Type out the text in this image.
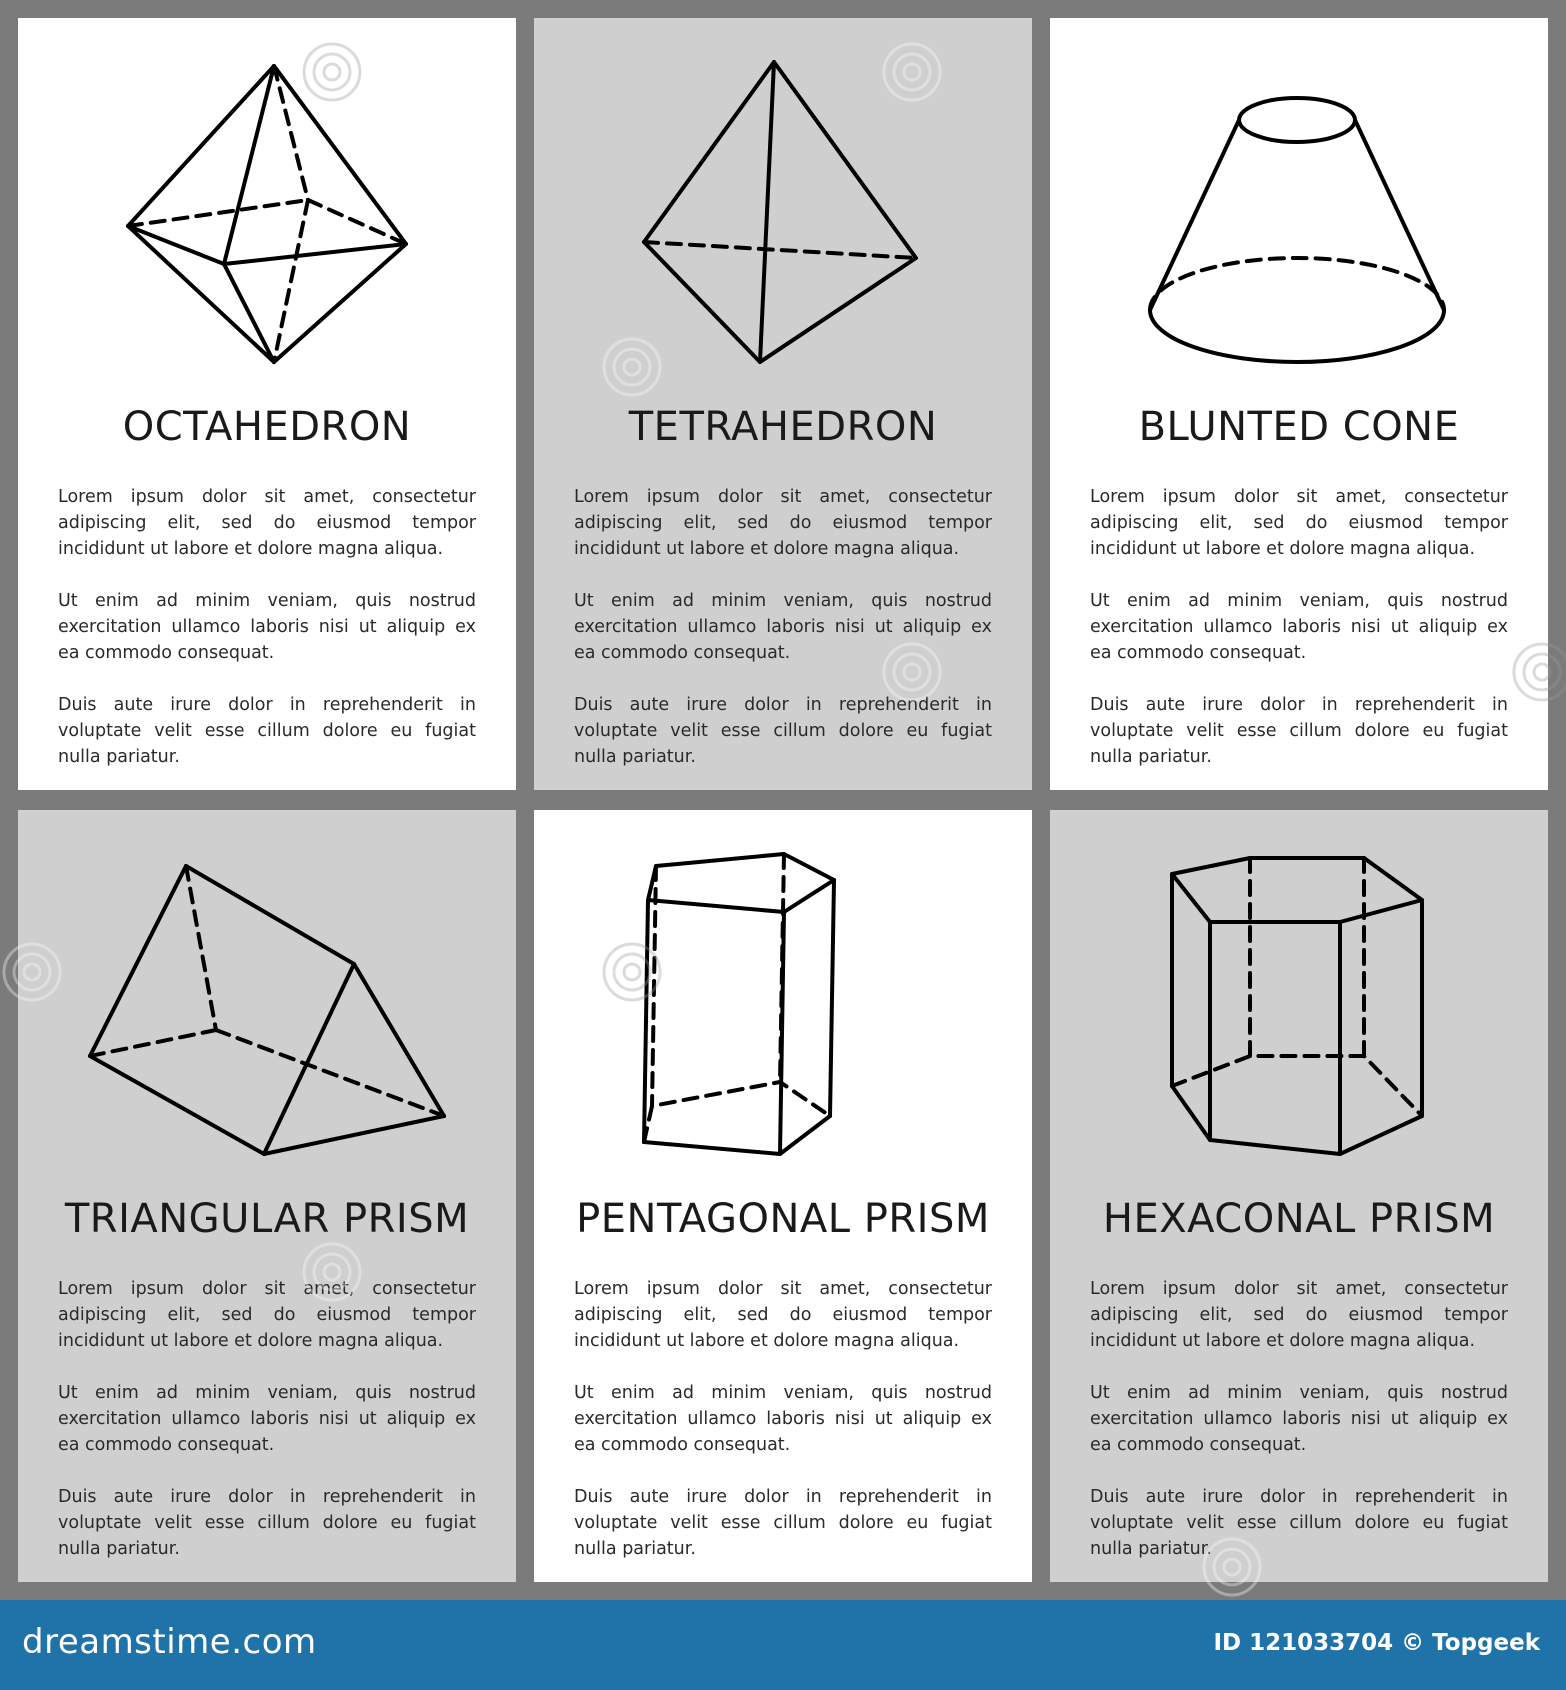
OCTAHEDRON

Lorem ipsum dolor sit amet, consectetur adipiscing elit, sed do eiusmod tempor incididunt ut labore et dolore magna aliqua.

Ut enim ad minim veniam, quis nostrud exercitation ullamco laboris nisi ut aliquip ex ea commodo consequat.

Duis aute irure dolor in reprehenderit in voluptate velit esse cillum dolore eu fugiat nulla pariatur.

TETRAHEDRON

Lorem ipsum dolor sit amet, consectetur adipiscing elit, sed do eiusmod tempor incididunt ut labore et dolore magna aliqua.

Ut enim ad minim veniam, quis nostrud exercitation ullamco laboris nisi ut aliquip ex ea commodo consequat.

Duis aute irure dolor in reprehenderit in voluptate velit esse cillum dolore eu fugiat nulla pariatur.

BLUNTED CONE

Lorem ipsum dolor sit amet, consectetur adipiscing elit, sed do eiusmod tempor incididunt ut labore et dolore magna aliqua.

Ut enim ad minim veniam, quis nostrud exercitation ullamco laboris nisi ut aliquip ex ea commodo consequat.

Duis aute irure dolor in reprehenderit in voluptate velit esse cillum dolore eu fugiat nulla pariatur.

TRIANGULAR PRISM

Lorem ipsum dolor sit amet, consectetur adipiscing elit, sed do eiusmod tempor incididunt ut labore et dolore magna aliqua.

Ut enim ad minim veniam, quis nostrud exercitation ullamco laboris nisi ut aliquip ex ea commodo consequat.

Duis aute irure dolor in reprehenderit in voluptate velit esse cillum dolore eu fugiat nulla pariatur.

PENTAGONAL PRISM

Lorem ipsum dolor sit amet, consectetur adipiscing elit, sed do eiusmod tempor incididunt ut labore et dolore magna aliqua.

Ut enim ad minim veniam, quis nostrud exercitation ullamco laboris nisi ut aliquip ex ea commodo consequat.

Duis aute irure dolor in reprehenderit in voluptate velit esse cillum dolore eu fugiat nulla pariatur.

HEXACONAL PRISM

Lorem ipsum dolor sit amet, consectetur adipiscing elit, sed do eiusmod tempor incididunt ut labore et dolore magna aliqua.

Ut enim ad minim veniam, quis nostrud exercitation ullamco laboris nisi ut aliquip ex ea commodo consequat.

Duis aute irure dolor in reprehenderit in voluptate velit esse cillum dolore eu fugiat nulla pariatur.

dreamstime.com	ID 121033704 © Topgeek
